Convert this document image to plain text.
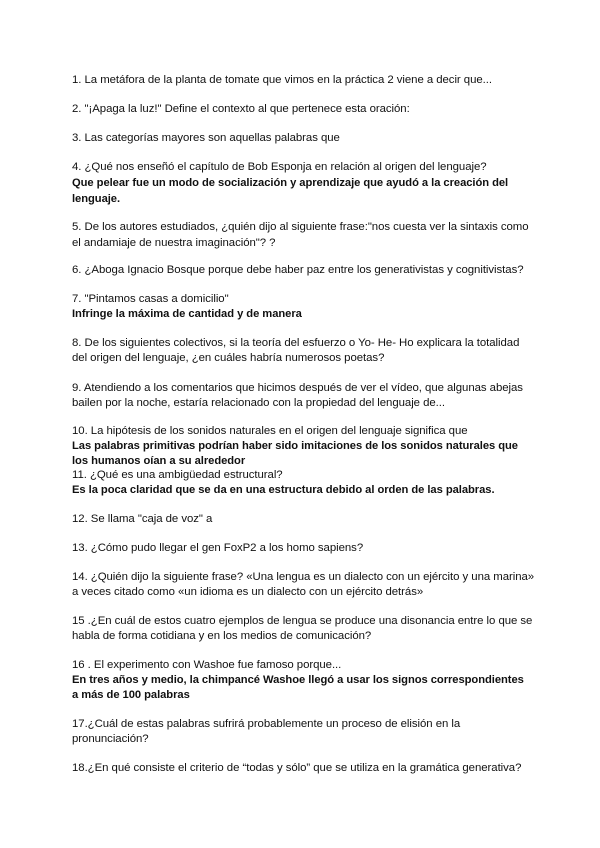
1. La metáfora de la planta de tomate que vimos en la práctica 2 viene a decir que...
2. "¡Apaga la luz!" Define el contexto al que pertenece esta oración:
3. Las categorías mayores son aquellas palabras que
4. ¿Qué nos enseñó el capítulo de Bob Esponja en relación al origen del lenguaje?
Que pelear fue un modo de socialización y aprendizaje que ayudó a la creación del
lenguaje.
5. De los autores estudiados, ¿quién dijo al siguiente frase:"nos cuesta ver la sintaxis como
el andamiaje de nuestra imaginación"? ?
6. ¿Aboga Ignacio Bosque porque debe haber paz entre los generativistas y cognitivistas?
7. "Pintamos casas a domicilio"
Infringe la máxima de cantidad y de manera
8. De los siguientes colectivos, si la teoría del esfuerzo o Yo- He- Ho explicara la totalidad
del origen del lenguaje, ¿en cuáles habría numerosos poetas?
9. Atendiendo a los comentarios que hicimos después de ver el vídeo, que algunas abejas
bailen por la noche, estaría relacionado con la propiedad del lenguaje de...
10. La hipótesis de los sonidos naturales en el origen del lenguaje significa que
Las palabras primitivas podrían haber sido imitaciones de los sonidos naturales que
los humanos oían a su alrededor
11. ¿Qué es una ambigüedad estructural?
Es la poca claridad que se da en una estructura debido al orden de las palabras.
12. Se llama "caja de voz" a
13. ¿Cómo pudo llegar el gen FoxP2 a los homo sapiens?
14. ¿Quién dijo la siguiente frase? «Una lengua es un dialecto con un ejército y una marina»
a veces citado como «un idioma es un dialecto con un ejército detrás»
15 .¿En cuál de estos cuatro ejemplos de lengua se produce una disonancia entre lo que se
habla de forma cotidiana y en los medios de comunicación?
16 . El experimento con Washoe fue famoso porque...
En tres años y medio, la chimpancé Washoe llegó a usar los signos correspondientes
a más de 100 palabras
17.¿Cuál de estas palabras sufrirá probablemente un proceso de elisión en la
pronunciación?
18.¿En qué consiste el criterio de “todas y sólo” que se utiliza en la gramática generativa?
